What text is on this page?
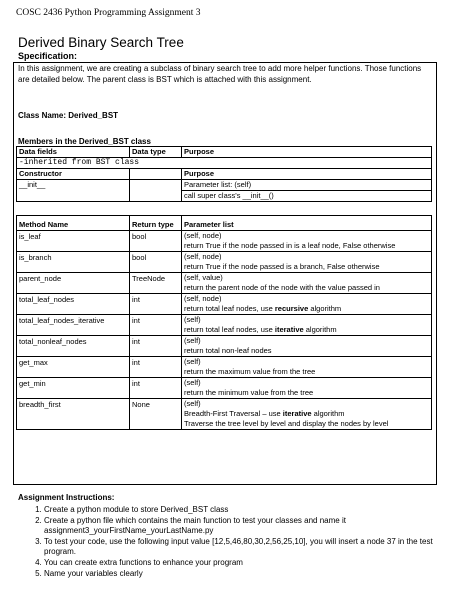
COSC 2436 Python Programming Assignment 3
Derived Binary Search Tree
Specification:
In this assignment, we are creating a subclass of binary search tree to add more helper functions. Those functions are detailed below. The parent class is BST which is attached with this assignment.
Class Name: Derived_BST
Members in the Derived_BST class
Data fields	Data type	Purpose
-inherited from BST class		
Constructor		Purpose
__init__		Parameter list: (self)
		call super class's __init__()
Method Name	Return type	Parameter list
is_leaf	bool	(self, node)
return True if the node passed in is a leaf node, False otherwise

is_branch	bool	(self, node)
return True if the node passed is a branch, False otherwise

parent_node	TreeNode	(self, value)
return the parent node of the node with the value passed in

total_leaf_nodes	int	(self, node)
return total leaf nodes, use recursive algorithm

total_leaf_nodes_iterative	int	(self)
return total leaf nodes, use iterative algorithm

total_nonleaf_nodes	int	(self)
return total non-leaf nodes

get_max	int	(self)
return the maximum value from the tree

get_min	int	(self)
return the minimum value from the tree

breadth_first	None	(self)
Breadth-First Traversal – use iterative algorithm
Traverse the tree level by level and display the nodes by level
Assignment Instructions:
1. Create a python module to store Derived_BST class
2. Create a python file which contains the main function to test your classes and name it assignment3_yourFirstName_yourLastName.py
3. To test your code, use the following input value [12,5,46,80,30,2,56,25,10], you will insert a node 37 in the test program.
4. You can create extra functions to enhance your program
5. Name your variables clearly
